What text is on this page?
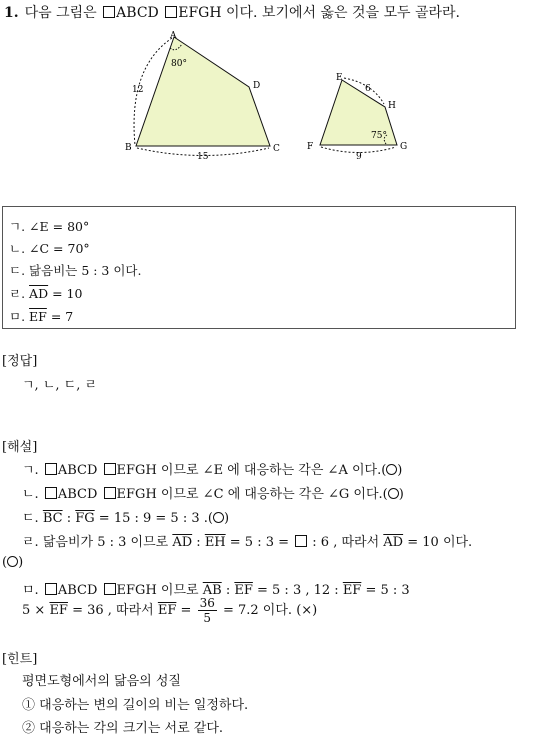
1. 다음 그림은 ABCD EFGH 이다. 보기에서 옳은 것을 모두 골라라.
A
B	C
D
80°
12
15
E
F	G
H
75°
6
9
ㄱ. ∠E = 80°
ㄴ. ∠C = 70°
ㄷ. 닮음비는 5 : 3 이다.
ㄹ. $\overline{AD} = 10$
ㅁ. $\overline{EF} = 7$
[정답]
ㄱ, ㄴ, ㄷ, ㄹ
[해설]
ㄱ. ABCD EFGH 이므로 ∠E 에 대응하는 각은 ∠A 이다.(○)
ㄴ. ABCD EFGH 이므로 ∠C 에 대응하는 각은 ∠G 이다.(○)
ㄷ. $\overline{BC}$ : $\overline{FG} = 15$ : 9 = 5 : 3 .(○)
ㄹ. 닮음비가 5 : 3 이므로 $\overline{AD}$ : $\overline{EH} = 5$ : 3 =  : 6 , 따라서 $\overline{AD} = 10$ 이다.
(○)
ㅁ. ABCD EFGH 이므로 $\overline{AB}$ : $\overline{EF} = 5$ : 3 , 12 : $\overline{EF} = 5$ : 3
$5 \times \overline{EF} = 36$ , 따라서 $\overline{EF} = \frac{36}{5} = 7.2$ 이다. (×)
[힌트]
평면도형에서의 닮음의 성질
① 대응하는 변의 길이의 비는 일정하다.
② 대응하는 각의 크기는 서로 같다.
